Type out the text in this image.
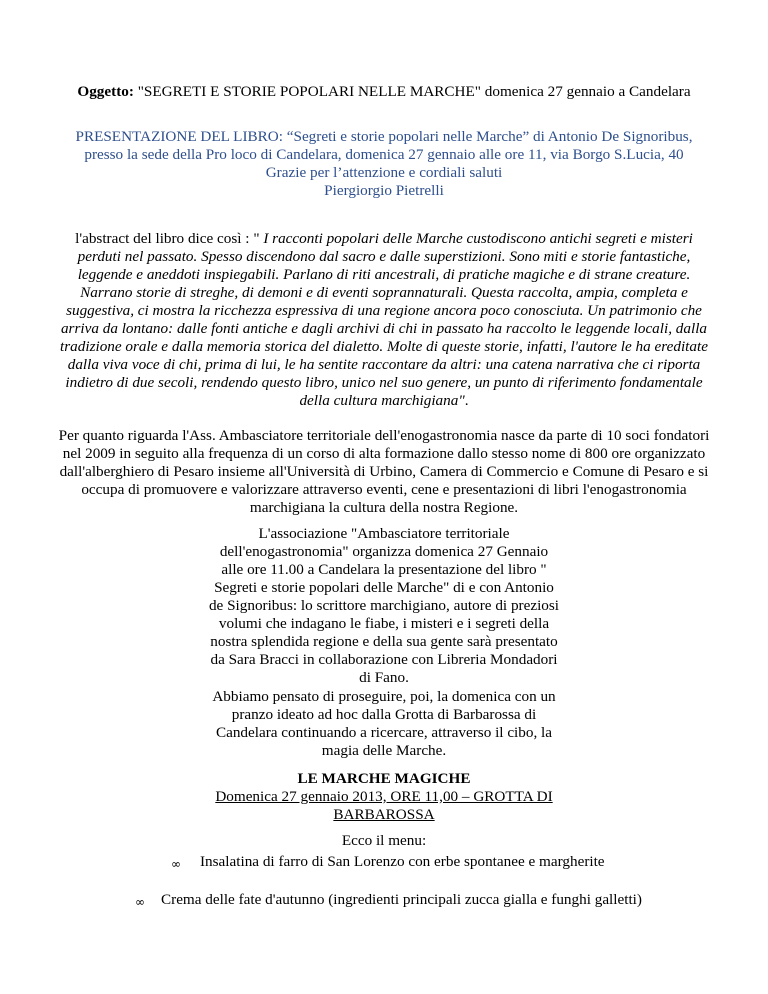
Oggetto: "SEGRETI E STORIE POPOLARI NELLE MARCHE" domenica 27 gennaio a Candelara

PRESENTAZIONE DEL LIBRO: “Segreti e storie popolari nelle Marche” di Antonio De Signoribus, presso la sede della Pro loco di Candelara, domenica 27 gennaio alle ore 11, via Borgo S.Lucia, 40

Grazie per l’attenzione e cordiali saluti

Piergiorgio Pietrelli

l'abstract del libro dice così : " I racconti popolari delle Marche custodiscono antichi segreti e misteri perduti nel passato. Spesso discendono dal sacro e dalle superstizioni. Sono miti e storie fantastiche, leggende e aneddoti inspiegabili. Parlano di riti ancestrali, di pratiche magiche e di strane creature. Narrano storie di streghe, di demoni e di eventi soprannaturali. Questa raccolta, ampia, completa e suggestiva, ci mostra la ricchezza espressiva di una regione ancora poco conosciuta. Un patrimonio che arriva da lontano: dalle fonti antiche e dagli archivi di chi in passato ha raccolto le leggende locali, dalla tradizione orale e dalla memoria storica del dialetto. Molte di queste storie, infatti, l'autore le ha ereditate dalla viva voce di chi, prima di lui, le ha sentite raccontare da altri: una catena narrativa che ci riporta indietro di due secoli, rendendo questo libro, unico nel suo genere, un punto di riferimento fondamentale della cultura marchigiana".

Per quanto riguarda l'Ass. Ambasciatore territoriale dell'enogastronomia nasce da parte di 10 soci fondatori nel 2009 in seguito alla frequenza di un corso di alta formazione dallo stesso nome di 800 ore organizzato dall'alberghiero di Pesaro insieme all'Università di Urbino, Camera di Commercio e Comune di Pesaro e si occupa di promuovere e valorizzare attraverso eventi, cene e presentazioni di libri l'enogastronomia marchigiana la cultura della nostra Regione.

L'associazione "Ambasciatore territoriale dell'enogastronomia" organizza domenica 27 Gennaio alle ore 11.00 a Candelara la presentazione del libro " Segreti e storie popolari delle Marche" di e con Antonio de Signoribus: lo scrittore marchigiano, autore di preziosi volumi che indagano le fiabe, i misteri e i segreti della nostra splendida regione e della sua gente sarà presentato da Sara Bracci in collaborazione con Libreria Mondadori di Fano.

Abbiamo pensato di proseguire, poi, la domenica con un pranzo ideato ad hoc dalla Grotta di Barbarossa di Candelara continuando a ricercare, attraverso il cibo, la magia delle Marche.

LE MARCHE MAGICHE

Domenica 27 gennaio 2013, ORE 11,00 – GROTTA DI BARBAROSSA

Ecco il menu:

∞ Insalatina di farro di San Lorenzo con erbe spontanee e margherite
∞ Crema delle fate d'autunno (ingredienti principali zucca gialla e funghi galletti)
